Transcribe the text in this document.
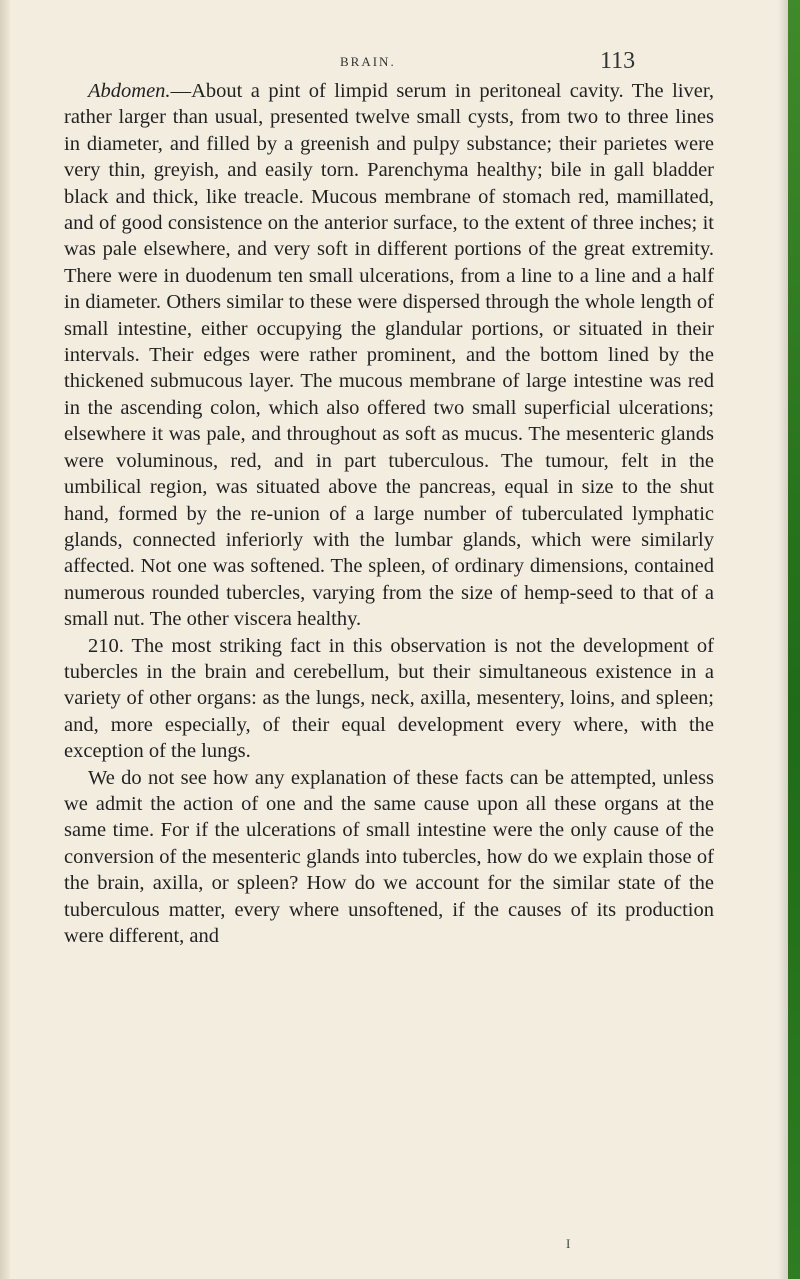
BRAIN.	113

Abdomen.—About a pint of limpid serum in peritoneal cavity. The liver, rather larger than usual, presented twelve small cysts, from two to three lines in diameter, and filled by a greenish and pulpy substance; their parietes were very thin, greyish, and easily torn. Parenchyma healthy; bile in gall bladder black and thick, like treacle. Mucous membrane of stomach red, mamillated, and of good consistence on the anterior surface, to the extent of three inches; it was pale elsewhere, and very soft in different portions of the great extremity. There were in duodenum ten small ulcerations, from a line to a line and a half in diameter. Others similar to these were dispersed through the whole length of small intestine, either occupying the glandular portions, or situated in their intervals. Their edges were rather prominent, and the bottom lined by the thickened submucous layer. The mucous membrane of large intestine was red in the ascending colon, which also offered two small superficial ulcerations; elsewhere it was pale, and throughout as soft as mucus. The mesenteric glands were voluminous, red, and in part tuberculous. The tumour, felt in the umbilical region, was situated above the pancreas, equal in size to the shut hand, formed by the re-union of a large number of tuberculated lymphatic glands, connected inferiorly with the lumbar glands, which were similarly affected. Not one was softened. The spleen, of ordinary dimensions, contained numerous rounded tubercles, varying from the size of hemp-seed to that of a small nut. The other viscera healthy.

210. The most striking fact in this observation is not the development of tubercles in the brain and cerebellum, but their simultaneous existence in a variety of other organs: as the lungs, neck, axilla, mesentery, loins, and spleen; and, more especially, of their equal development every where, with the exception of the lungs.

We do not see how any explanation of these facts can be attempted, unless we admit the action of one and the same cause upon all these organs at the same time. For if the ulcerations of small intestine were the only cause of the conversion of the mesenteric glands into tubercles, how do we explain those of the brain, axilla, or spleen? How do we account for the similar state of the tuberculous matter, every where unsoftened, if the causes of its production were different, and

I
